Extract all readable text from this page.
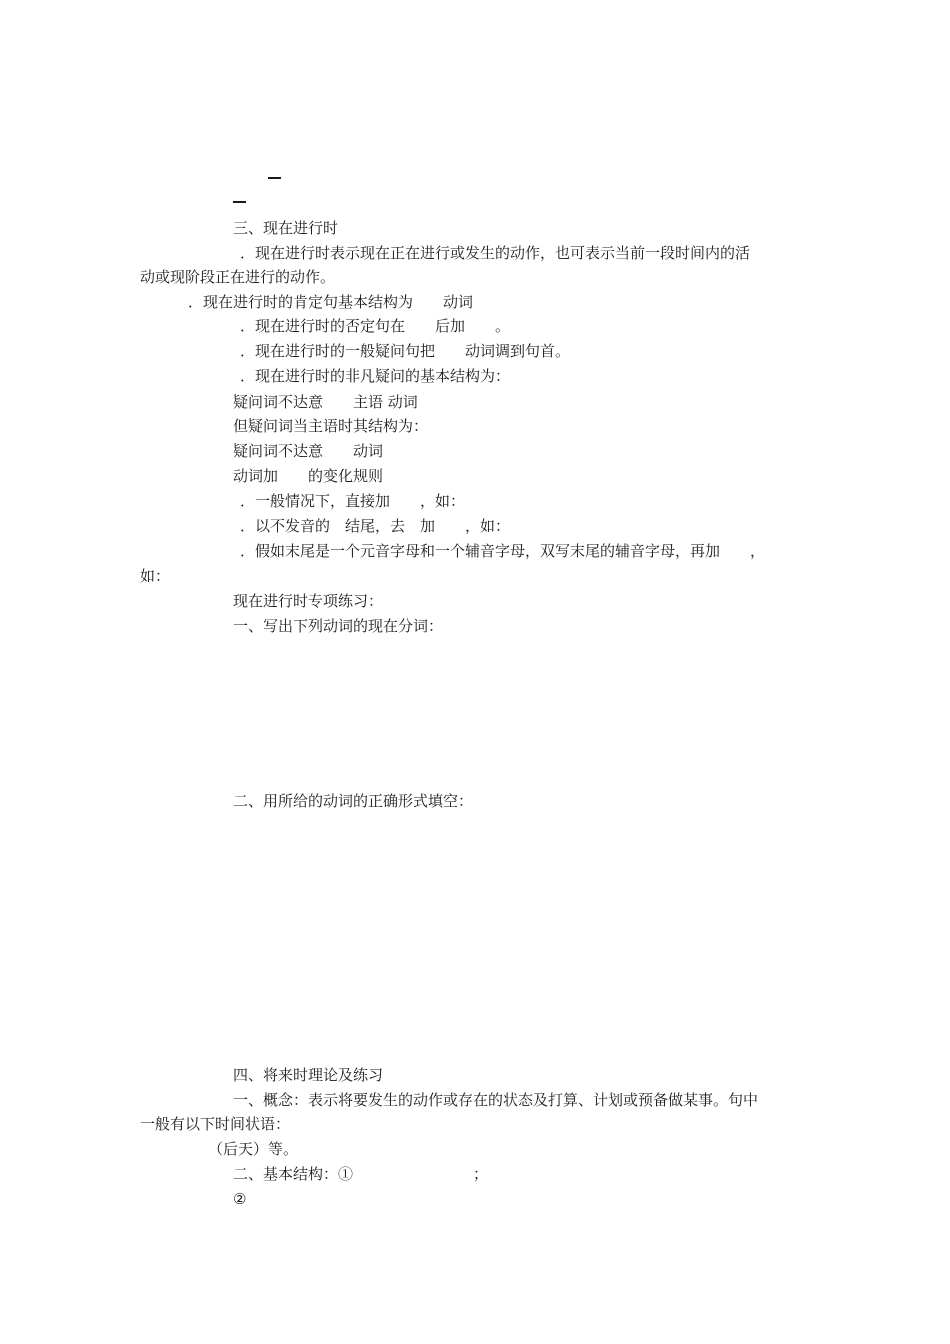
三、现在进行时
．现在进行时表示现在正在进行或发生的动作，也可表示当前一段时间内的活
动或现阶段正在进行的动作。
．现在进行时的肯定句基本结构为　　动词
．现在进行时的否定句在　　后加　　。
．现在进行时的一般疑问句把　　动词调到句首。
．现在进行时的非凡疑问的基本结构为：
疑问词不达意　　主语 动词
但疑问词当主语时其结构为：
疑问词不达意　　动词
动词加　　的变化规则
．一般情况下，直接加　　，如：
．以不发音的　结尾，去　加　　，如：
．假如末尾是一个元音字母和一个辅音字母，双写末尾的辅音字母，再加　　，
如：
现在进行时专项练习：
一、写出下列动词的现在分词：
二、用所给的动词的正确形式填空：
四、将来时理论及练习
一、概念：表示将要发生的动作或存在的状态及打算、计划或预备做某事。句中
一般有以下时间状语：
（后天）等。
二、基本结构：①　　　　　　　　；
②
